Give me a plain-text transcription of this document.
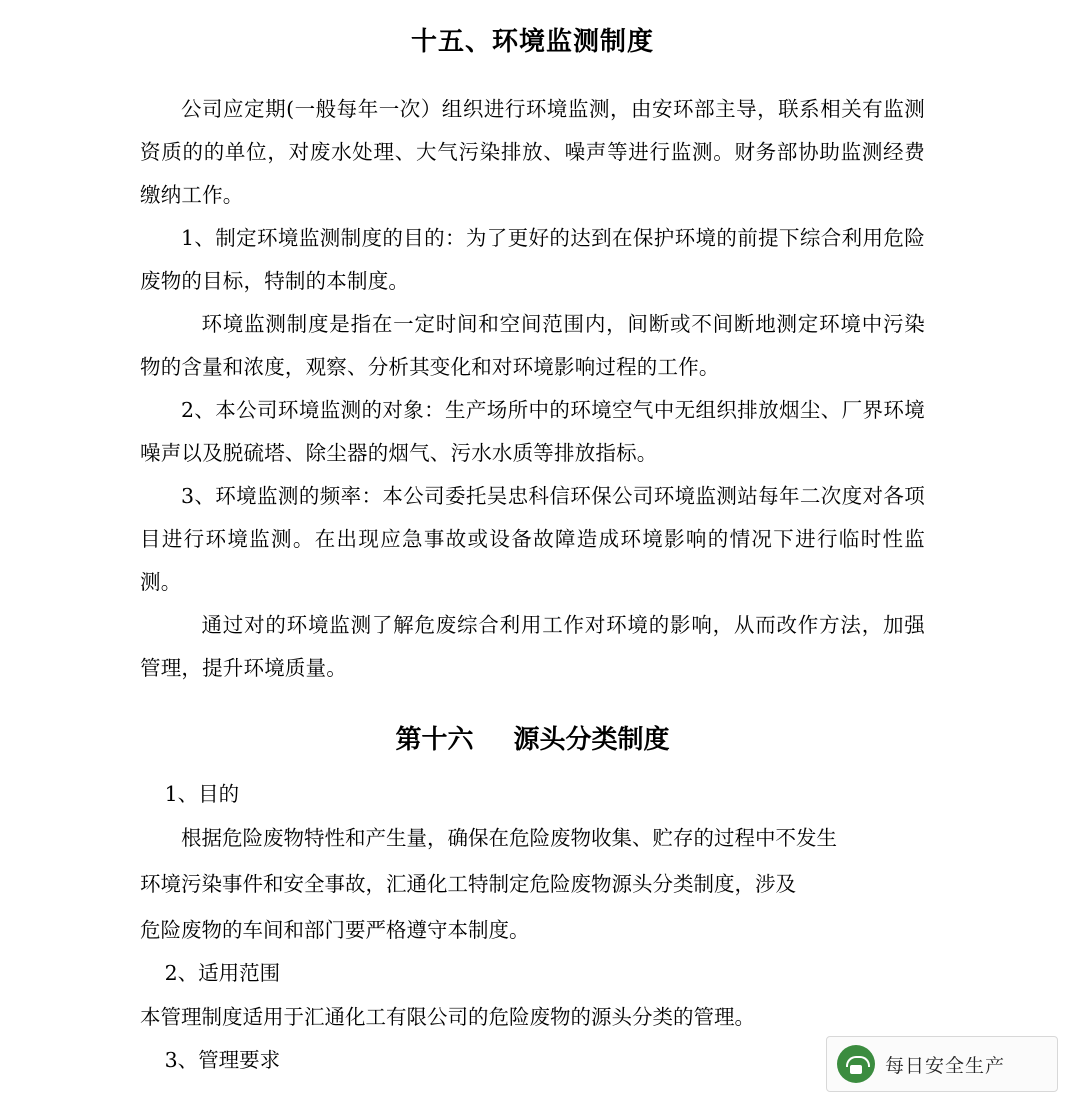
十五、环境监测制度

公司应定期(一般每年一次）组织进行环境监测，由安环部主导，联系相关有监测资质的的单位，对废水处理、大气污染排放、噪声等进行监测。财务部协助监测经费缴纳工作。

1、制定环境监测制度的目的：为了更好的达到在保护环境的前提下综合利用危险废物的目标，特制的本制度。

环境监测制度是指在一定时间和空间范围内，间断或不间断地测定环境中污染物的含量和浓度，观察、分析其变化和对环境影响过程的工作。

2、本公司环境监测的对象：生产场所中的环境空气中无组织排放烟尘、厂界环境噪声以及脱硫塔、除尘器的烟气、污水水质等排放指标。

3、环境监测的频率：本公司委托吴忠科信环保公司环境监测站每年二次度对各项目进行环境监测。在出现应急事故或设备故障造成环境影响的情况下进行临时性监测。

通过对的环境监测了解危废综合利用工作对环境的影响，从而改作方法，加强管理，提升环境质量。

第十六 源头分类制度

1、目的

根据危险废物特性和产生量，确保在危险废物收集、贮存的过程中不发生

环境污染事件和安全事故，汇通化工特制定危险废物源头分类制度，涉及

危险废物的车间和部门要严格遵守本制度。

2、适用范围

本管理制度适用于汇通化工有限公司的危险废物的源头分类的管理。

3、管理要求	每日安全生产
